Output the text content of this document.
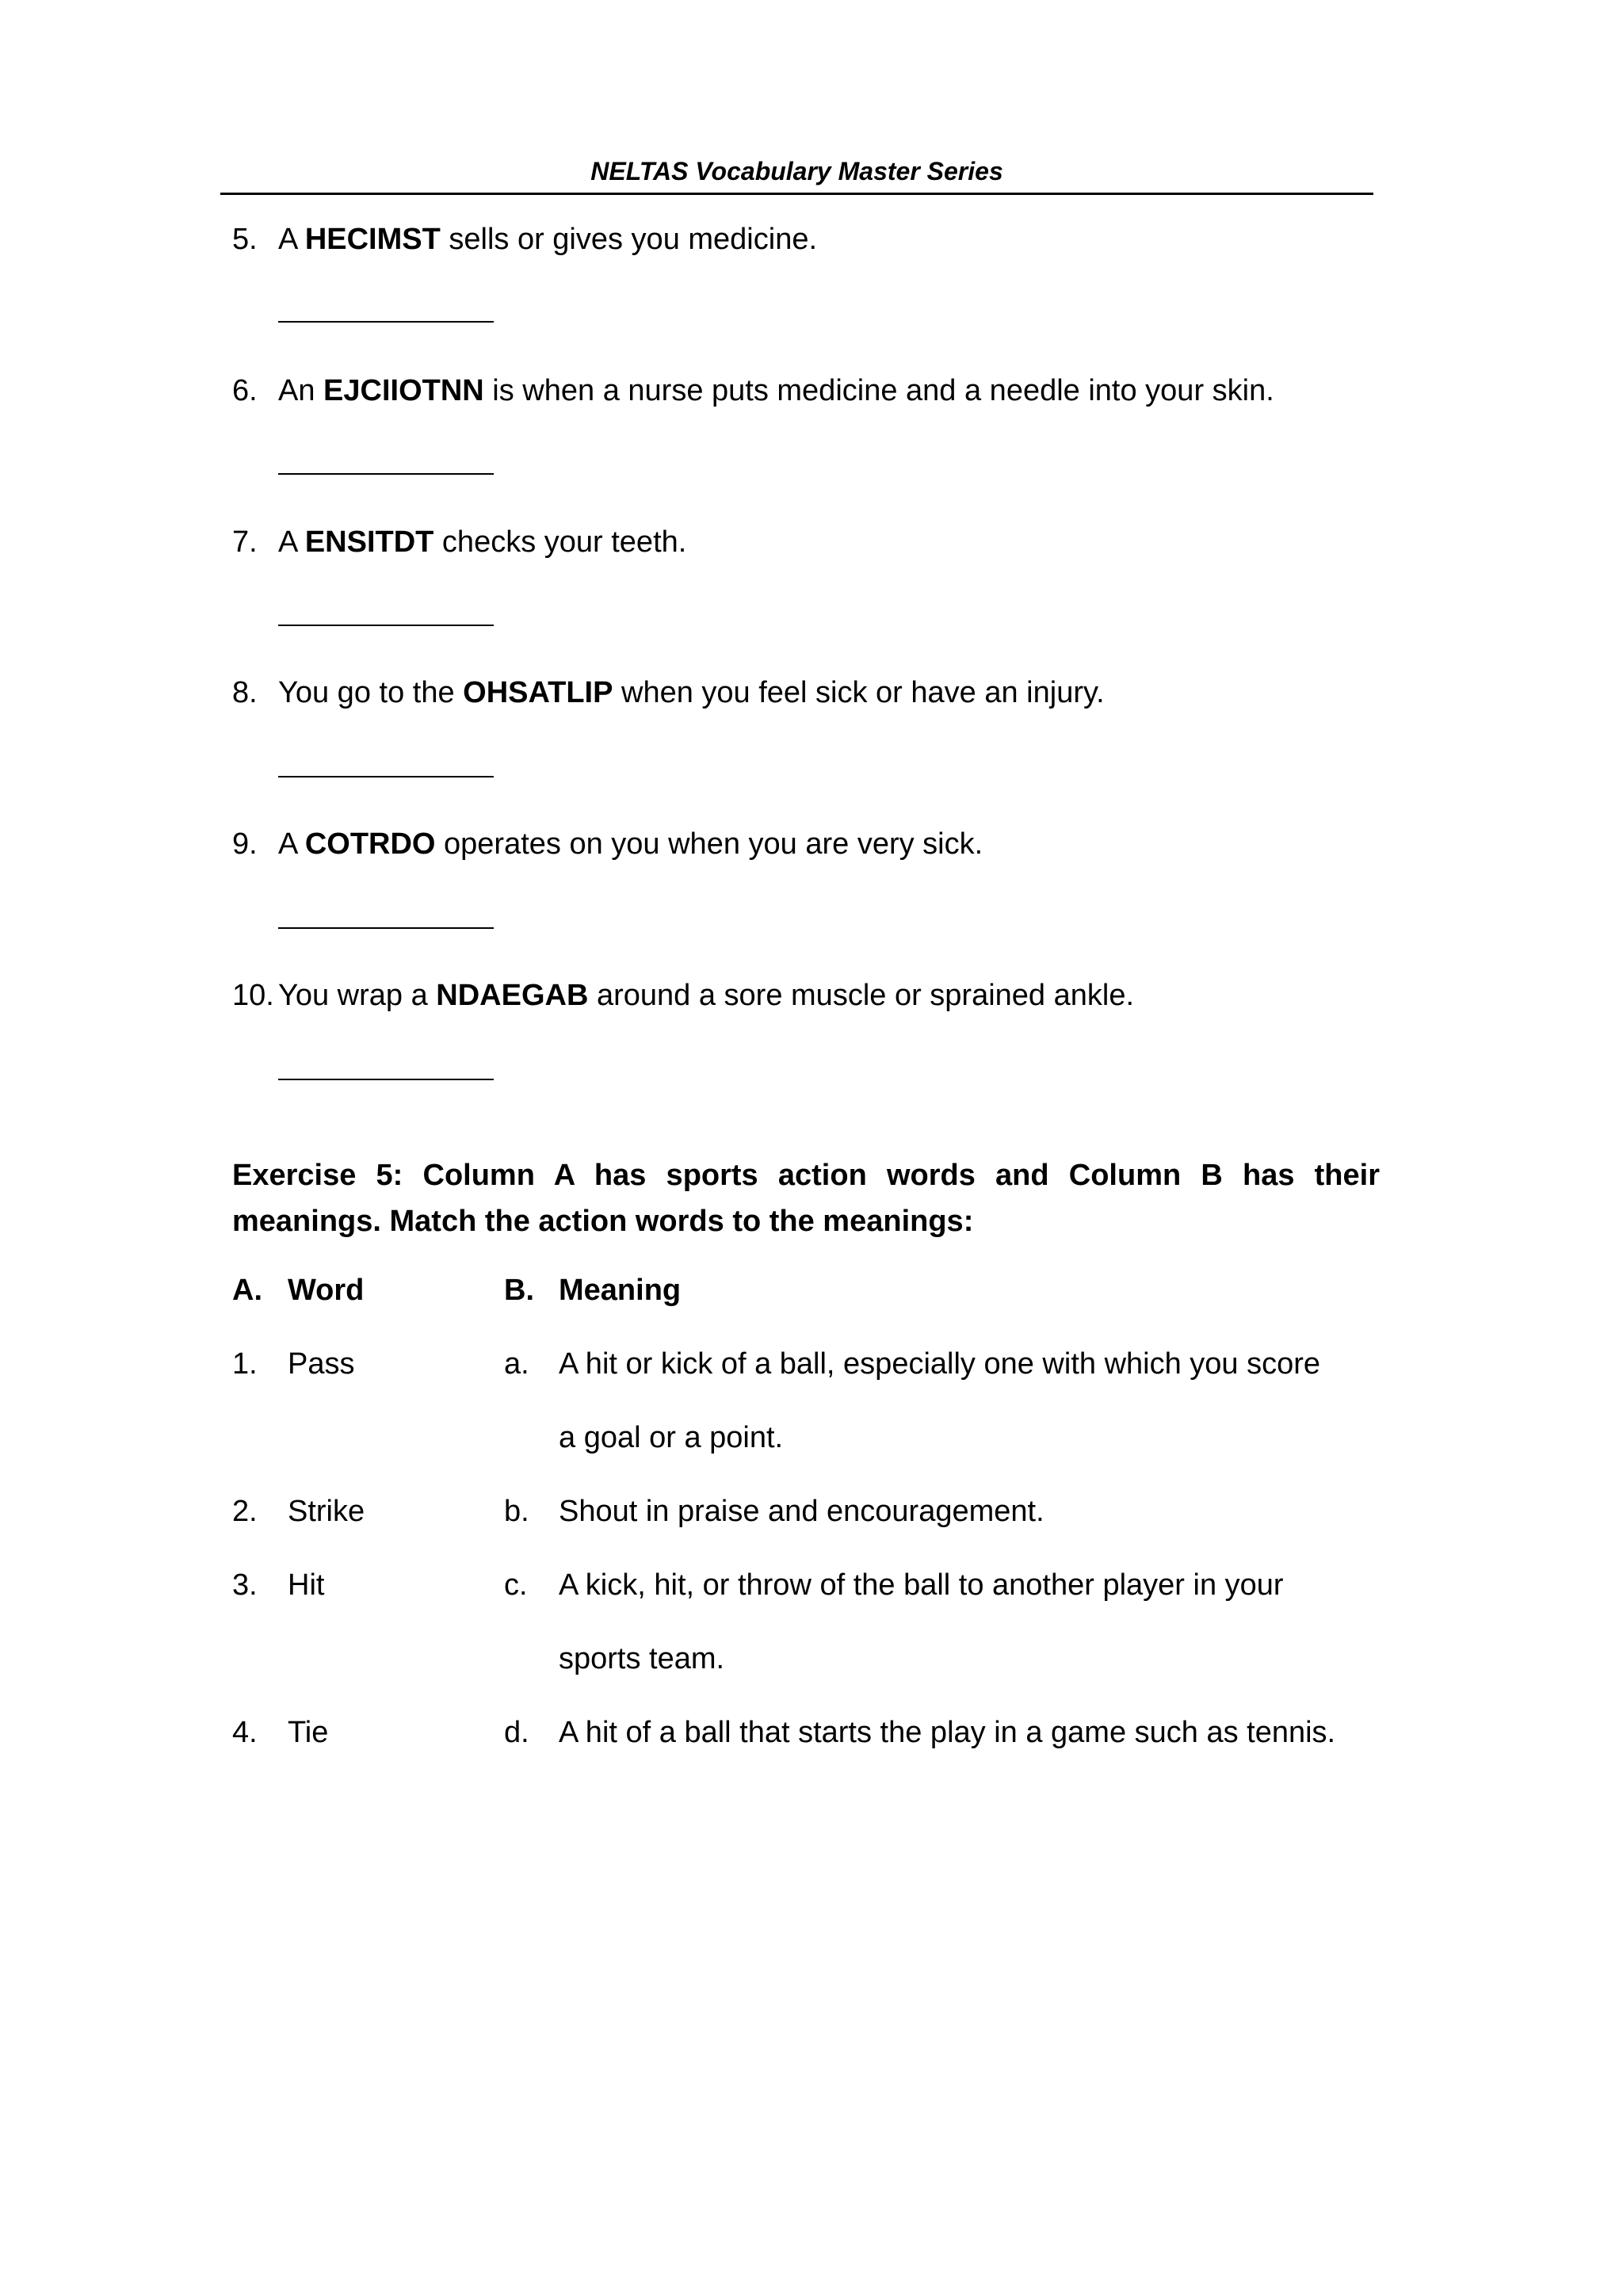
NELTAS Vocabulary Master Series
5. A HECIMST sells or gives you medicine.
6. An EJCIIOTNN is when a nurse puts medicine and a needle into your skin.
7. A ENSITDT checks your teeth.
8. You go to the OHSATLIP when you feel sick or have an injury.
9. A COTRDO operates on you when you are very sick.
10. You wrap a NDAEGAB around a sore muscle or sprained ankle.
Exercise 5: Column A has sports action words and Column B has their meanings. Match the action words to the meanings:
A. Word	B. Meaning
1. Pass	a. A hit or kick of a ball, especially one with which you score
a goal or a point.
2. Strike	b. Shout in praise and encouragement.
3. Hit	c. A kick, hit, or throw of the ball to another player in your
sports team.
4. Tie	d. A hit of a ball that starts the play in a game such as tennis.
